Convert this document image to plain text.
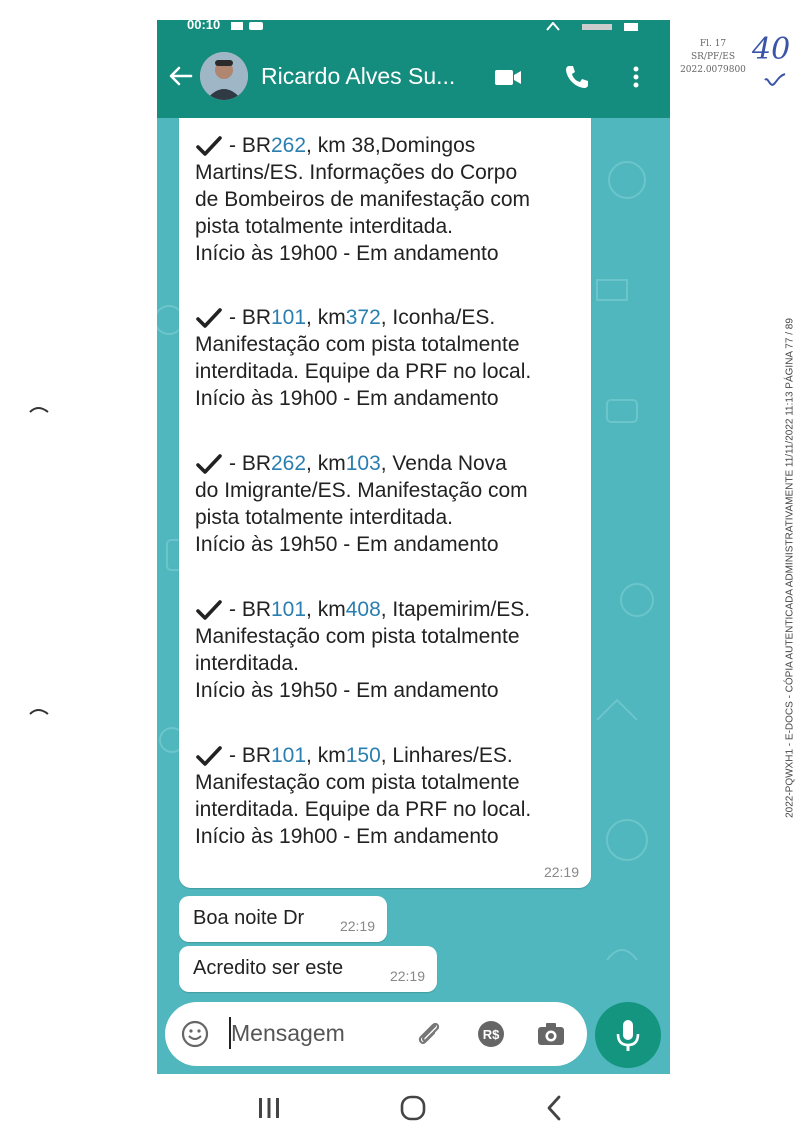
Fl. 17
SR/PF/ES
2022.0079800
40
2022-PQWXH1 - E-DOCS - CÓPIA AUTENTICADA ADMINISTRATIVAMENTE 11/11/2022 11:13 PÁGINA 77 / 89
00:10
Ricardo Alves Su...
- BR 262 , km 38, Domingos
Martins/ES. Informações do Corpo
de Bombeiros de manifestação com
pista totalmente interditada.
Início às 19h00 - Em andamento
- BR 101 , km 372 , Iconha/ES.
Manifestação com pista totalmente
interditada. Equipe da PRF no local.
Início às 19h00 - Em andamento
- BR 262 , km 103 , Venda Nova
do Imigrante/ES. Manifestação com
pista totalmente interditada.
Início às 19h50 - Em andamento
- BR 101 , km 408 , Itapemirim/ES.
Manifestação com pista totalmente
interditada.
Início às 19h50 - Em andamento
- BR 101 , km 150 , Linhares/ES.
Manifestação com pista totalmente
interditada. Equipe da PRF no local.
Início às 19h00 - Em andamento
22:19
Boa noite Dr	22:19
Acredito ser este	22:19
Mensagem	R$
